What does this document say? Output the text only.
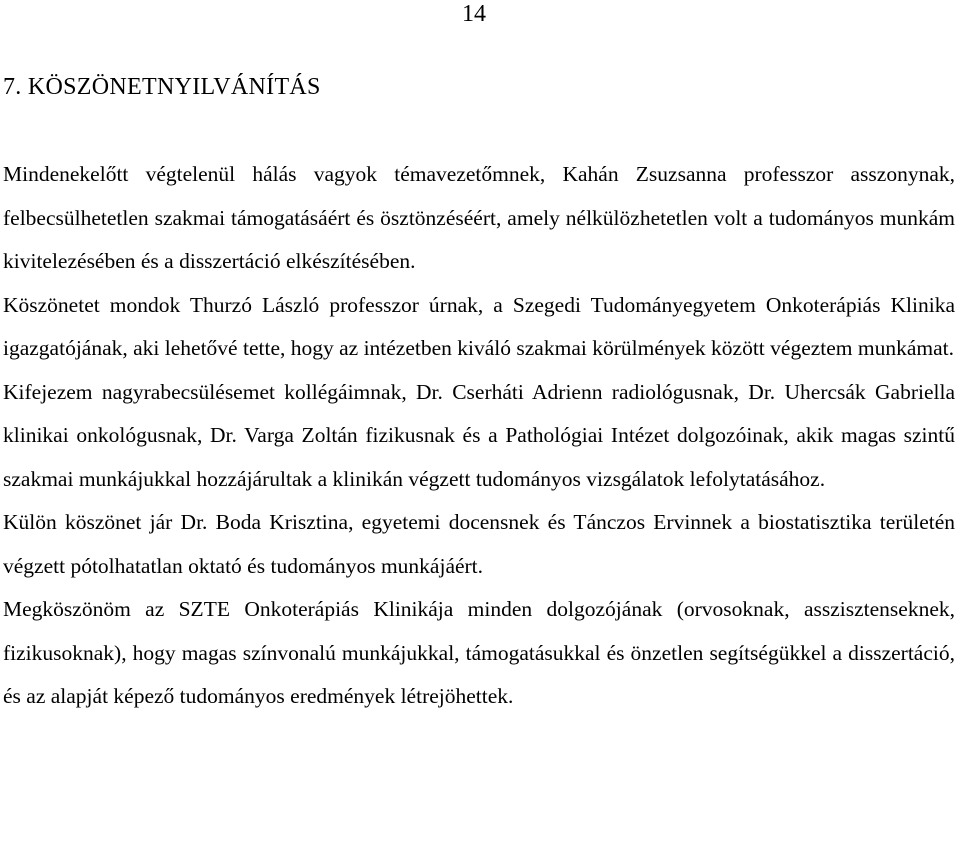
14
7. KÖSZÖNETNYILVÁNÍTÁS

Mindenekelőtt végtelenül hálás vagyok témavezetőmnek, Kahán Zsuzsanna professzor asszonynak, felbecsülhetetlen szakmai támogatásáért és ösztönzéséért, amely nélkülözhetetlen volt a tudományos munkám kivitelezésében és a disszertáció elkészítésében.

Köszönetet mondok Thurzó László professzor úrnak, a Szegedi Tudományegyetem Onkoterápiás Klinika igazgatójának, aki lehetővé tette, hogy az intézetben kiváló szakmai körülmények között végeztem munkámat.

Kifejezem nagyrabecsülésemet kollégáimnak, Dr. Cserháti Adrienn radiológusnak, Dr. Uhercsák Gabriella klinikai onkológusnak, Dr. Varga Zoltán fizikusnak és a Pathológiai Intézet dolgozóinak, akik magas szintű szakmai munkájukkal hozzájárultak a klinikán végzett tudományos vizsgálatok lefolytatásához.

Külön köszönet jár Dr. Boda Krisztina, egyetemi docensnek és Tánczos Ervinnek a biostatisztika területén végzett pótolhatatlan oktató és tudományos munkájáért.

Megköszönöm az SZTE Onkoterápiás Klinikája minden dolgozójának (orvosoknak, asszisztenseknek, fizikusoknak), hogy magas színvonalú munkájukkal, támogatásukkal és önzetlen segítségükkel a disszertáció, és az alapját képező tudományos eredmények létrejöhettek.
